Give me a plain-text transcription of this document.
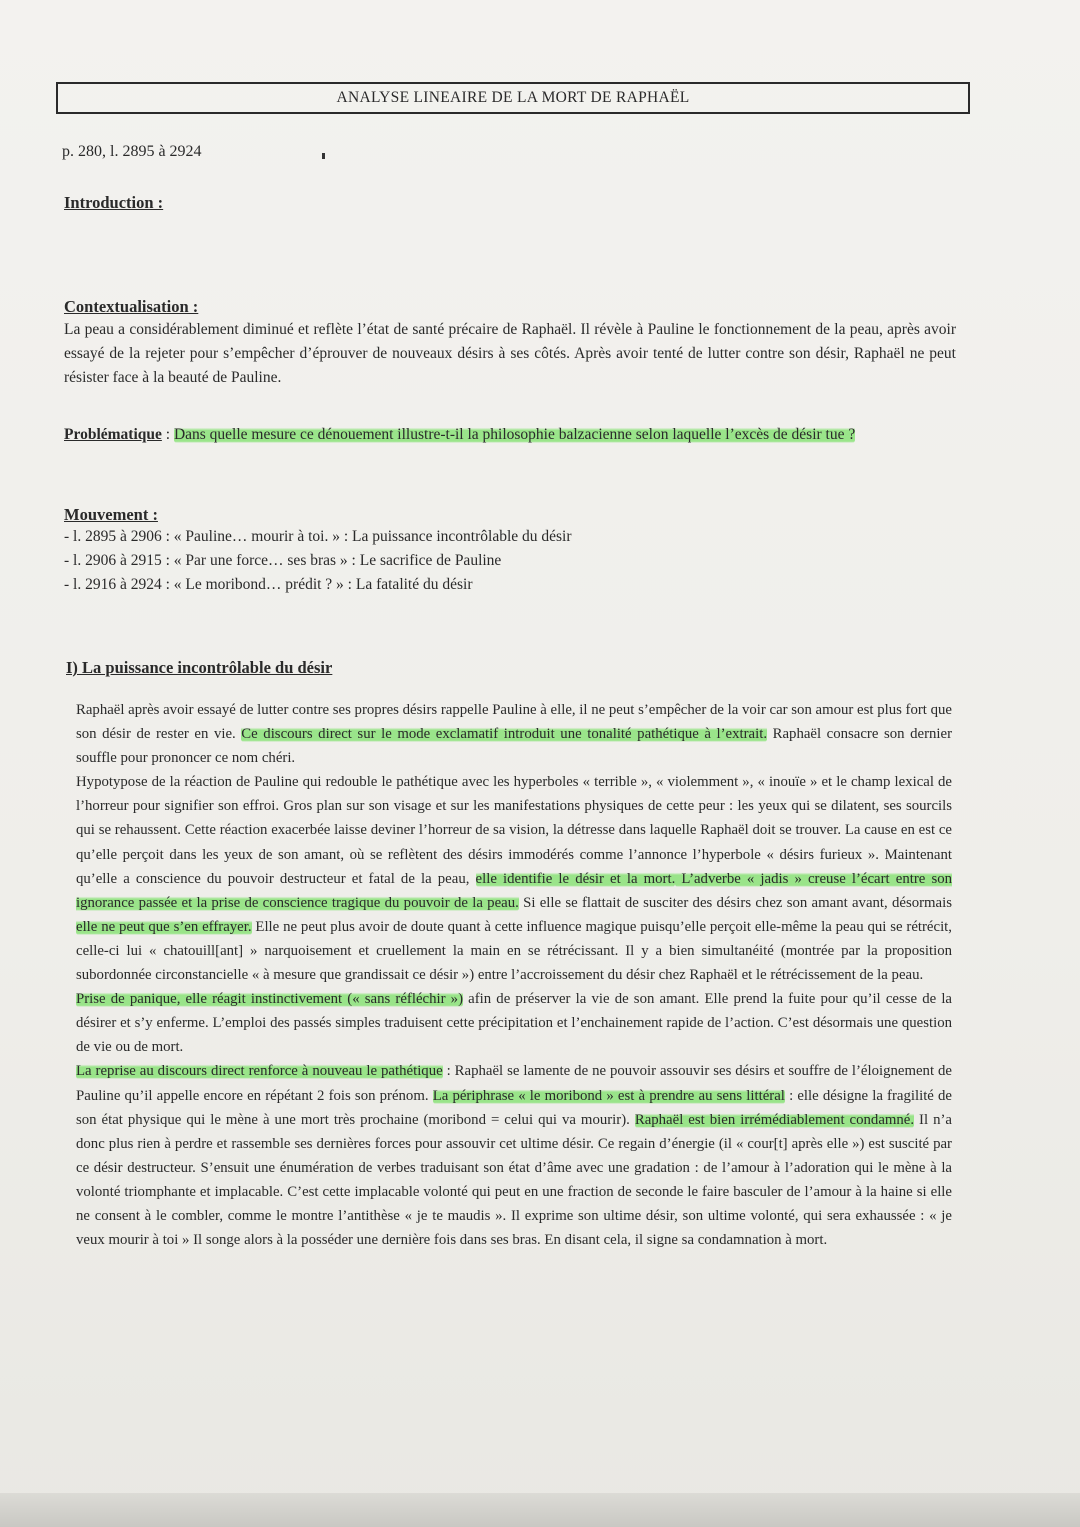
ANALYSE LINEAIRE DE LA MORT DE RAPHAËL
p. 280, l. 2895 à 2924
Introduction :
Contextualisation :
La peau a considérablement diminué et reflète l’état de santé précaire de Raphaël. Il révèle à Pauline le fonctionnement de la peau, après avoir essayé de la rejeter pour s’empêcher d’éprouver de nouveaux désirs à ses côtés. Après avoir tenté de lutter contre son désir, Raphaël ne peut résister face à la beauté de Pauline.
Problématique : Dans quelle mesure ce dénouement illustre-t-il la philosophie balzacienne selon laquelle l’excès de désir tue ?
Mouvement :
- l. 2895 à 2906 : « Pauline… mourir à toi. » : La puissance incontrôlable du désir
- l. 2906 à 2915 : « Par une force… ses bras » : Le sacrifice de Pauline
- l. 2916 à 2924 : « Le moribond… prédit ? » : La fatalité du désir
I) La puissance incontrôlable du désir

Raphaël après avoir essayé de lutter contre ses propres désirs rappelle Pauline à elle, il ne peut s’empêcher de la voir car son amour est plus fort que son désir de rester en vie. Ce discours direct sur le mode exclamatif introduit une tonalité pathétique à l’extrait. Raphaël consacre son dernier souffle pour prononcer ce nom chéri.

Hypotypose de la réaction de Pauline qui redouble le pathétique avec les hyperboles « terrible », « violemment », « inouïe » et le champ lexical de l’horreur pour signifier son effroi. Gros plan sur son visage et sur les manifestations physiques de cette peur : les yeux qui se dilatent, ses sourcils qui se rehaussent. Cette réaction exacerbée laisse deviner l’horreur de sa vision, la détresse dans laquelle Raphaël doit se trouver. La cause en est ce qu’elle perçoit dans les yeux de son amant, où se reflètent des désirs immodérés comme l’annonce l’hyperbole « désirs furieux ». Maintenant qu’elle a conscience du pouvoir destructeur et fatal de la peau, elle identifie le désir et la mort. L’adverbe « jadis » creuse l’écart entre son ignorance passée et la prise de conscience tragique du pouvoir de la peau. Si elle se flattait de susciter des désirs chez son amant avant, désormais elle ne peut que s’en effrayer. Elle ne peut plus avoir de doute quant à cette influence magique puisqu’elle perçoit elle-même la peau qui se rétrécit, celle-ci lui « chatouill[ant] » narquoisement et cruellement la main en se rétrécissant. Il y a bien simultanéité (montrée par la proposition subordonnée circonstancielle « à mesure que grandissait ce désir ») entre l’accroissement du désir chez Raphaël et le rétrécissement de la peau.

Prise de panique, elle réagit instinctivement (« sans réfléchir ») afin de préserver la vie de son amant. Elle prend la fuite pour qu’il cesse de la désirer et s’y enferme. L’emploi des passés simples traduisent cette précipitation et l’enchainement rapide de l’action. C’est désormais une question de vie ou de mort.

La reprise au discours direct renforce à nouveau le pathétique : Raphaël se lamente de ne pouvoir assouvir ses désirs et souffre de l’éloignement de Pauline qu’il appelle encore en répétant 2 fois son prénom. La périphrase « le moribond » est à prendre au sens littéral : elle désigne la fragilité de son état physique qui le mène à une mort très prochaine (moribond = celui qui va mourir). Raphaël est bien irrémédiablement condamné. Il n’a donc plus rien à perdre et rassemble ses dernières forces pour assouvir cet ultime désir. Ce regain d’énergie (il « cour[t] après elle ») est suscité par ce désir destructeur. S’ensuit une énumération de verbes traduisant son état d’âme avec une gradation : de l’amour à l’adoration qui le mène à la volonté triomphante et implacable. C’est cette implacable volonté qui peut en une fraction de seconde le faire basculer de l’amour à la haine si elle ne consent à le combler, comme le montre l’antithèse « je te maudis ». Il exprime son ultime désir, son ultime volonté, qui sera exhaussée : « je veux mourir à toi » Il songe alors à la posséder une dernière fois dans ses bras. En disant cela, il signe sa condamnation à mort.
